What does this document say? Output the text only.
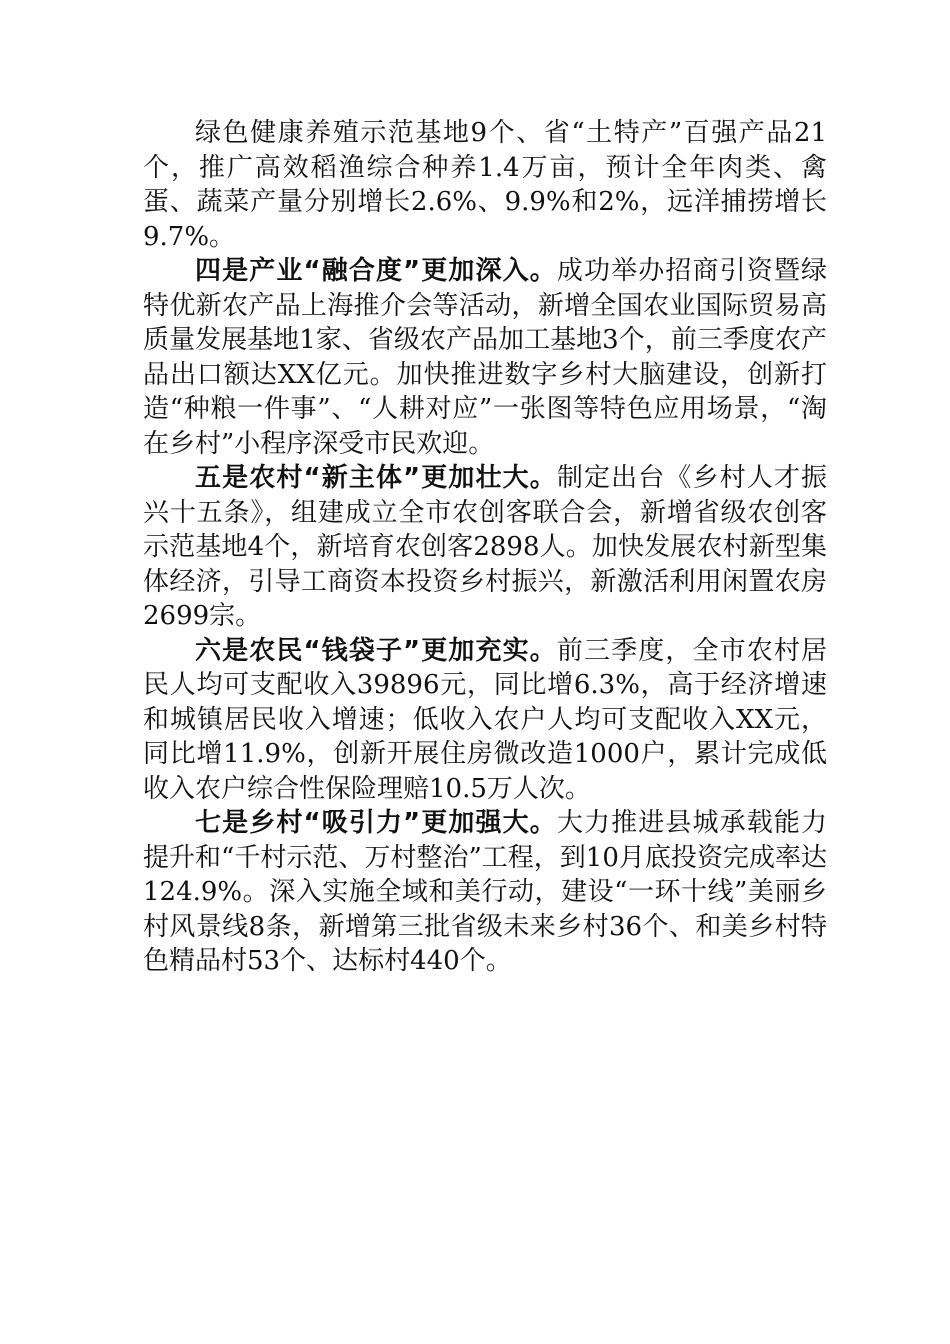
绿色健康养殖示范基地9个、省“土特产”百强产品21个，推广高效稻渔综合种养1.4万亩，预计全年肉类、禽蛋、蔬菜产量分别增长2.6%、9.9%和2%，远洋捕捞增长9.7%。

四是产业“融合度”更加深入。成功举办招商引资暨绿特优新农产品上海推介会等活动，新增全国农业国际贸易高质量发展基地1家、省级农产品加工基地3个，前三季度农产品出口额达XX亿元。加快推进数字乡村大脑建设，创新打造“种粮一件事”、“人耕对应”一张图等特色应用场景，“淘在乡村”小程序深受市民欢迎。

五是农村“新主体”更加壮大。制定出台《乡村人才振兴十五条》，组建成立全市农创客联合会，新增省级农创客示范基地4个，新培育农创客2898人。加快发展农村新型集体经济，引导工商资本投资乡村振兴，新激活利用闲置农房2699宗。

六是农民“钱袋子”更加充实。前三季度，全市农村居民人均可支配收入39896元，同比增6.3%，高于经济增速和城镇居民收入增速；低收入农户人均可支配收入XX元，同比增11.9%，创新开展住房微改造1000户，累计完成低收入农户综合性保险理赔10.5万人次。

七是乡村“吸引力”更加强大。大力推进县城承载能力提升和“千村示范、万村整治”工程，到10月底投资完成率达124.9%。深入实施全域和美行动，建设“一环十线”美丽乡村风景线8条，新增第三批省级未来乡村36个、和美乡村特色精品村53个、达标村440个。
